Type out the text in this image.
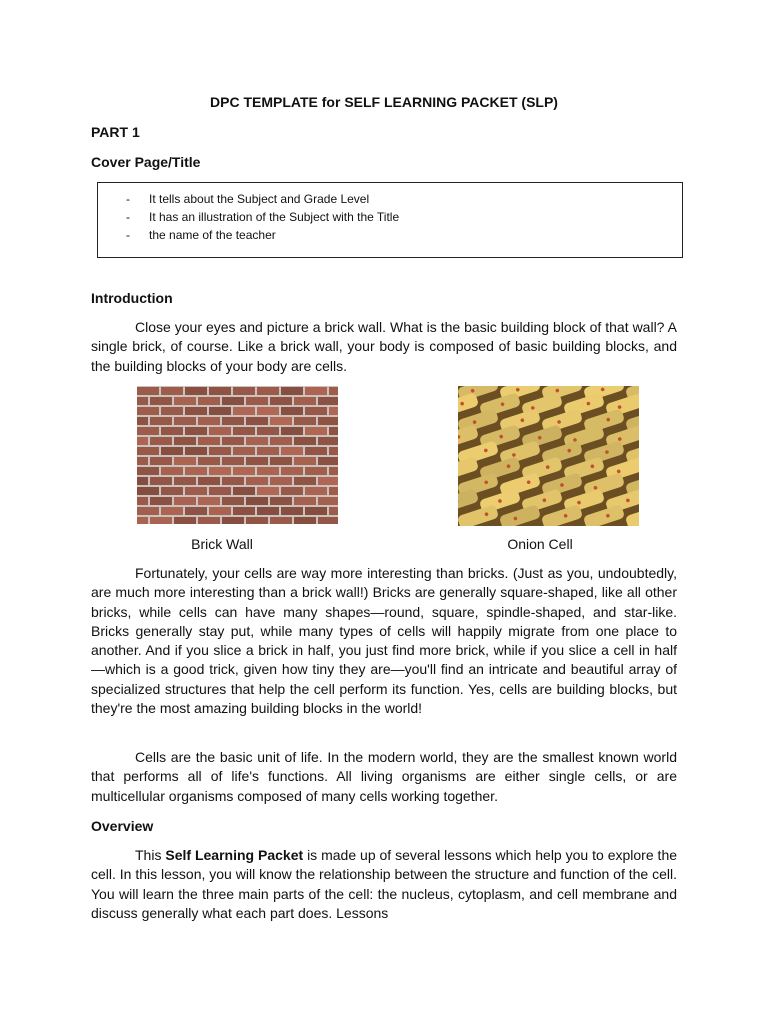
DPC TEMPLATE for SELF LEARNING PACKET (SLP)
PART 1
Cover Page/Title
- It tells about the Subject and Grade Level
- It has an illustration of the Subject with the Title
- the name of the teacher
Introduction

Close your eyes and picture a brick wall. What is the basic building block of that wall? A single brick, of course. Like a brick wall, your body is composed of basic building blocks, and the building blocks of your body are cells.

Brick Wall	Onion Cell

Fortunately, your cells are way more interesting than bricks. (Just as you, undoubtedly, are much more interesting than a brick wall!) Bricks are generally square-shaped, like all other bricks, while cells can have many shapes—round, square, spindle-shaped, and star-like. Bricks generally stay put, while many types of cells will happily migrate from one place to another. And if you slice a brick in half, you just find more brick, while if you slice a cell in half—which is a good trick, given how tiny they are—you'll find an intricate and beautiful array of specialized structures that help the cell perform its function. Yes, cells are building blocks, but they're the most amazing building blocks in the world!

Cells are the basic unit of life. In the modern world, they are the smallest known world that performs all of life's functions. All living organisms are either single cells, or are multicellular organisms composed of many cells working together.

Overview

This Self Learning Packet is made up of several lessons which help you to explore the cell. In this lesson, you will know the relationship between the structure and function of the cell. You will learn the three main parts of the cell: the nucleus, cytoplasm, and cell membrane and discuss generally what each part does. Lessons
